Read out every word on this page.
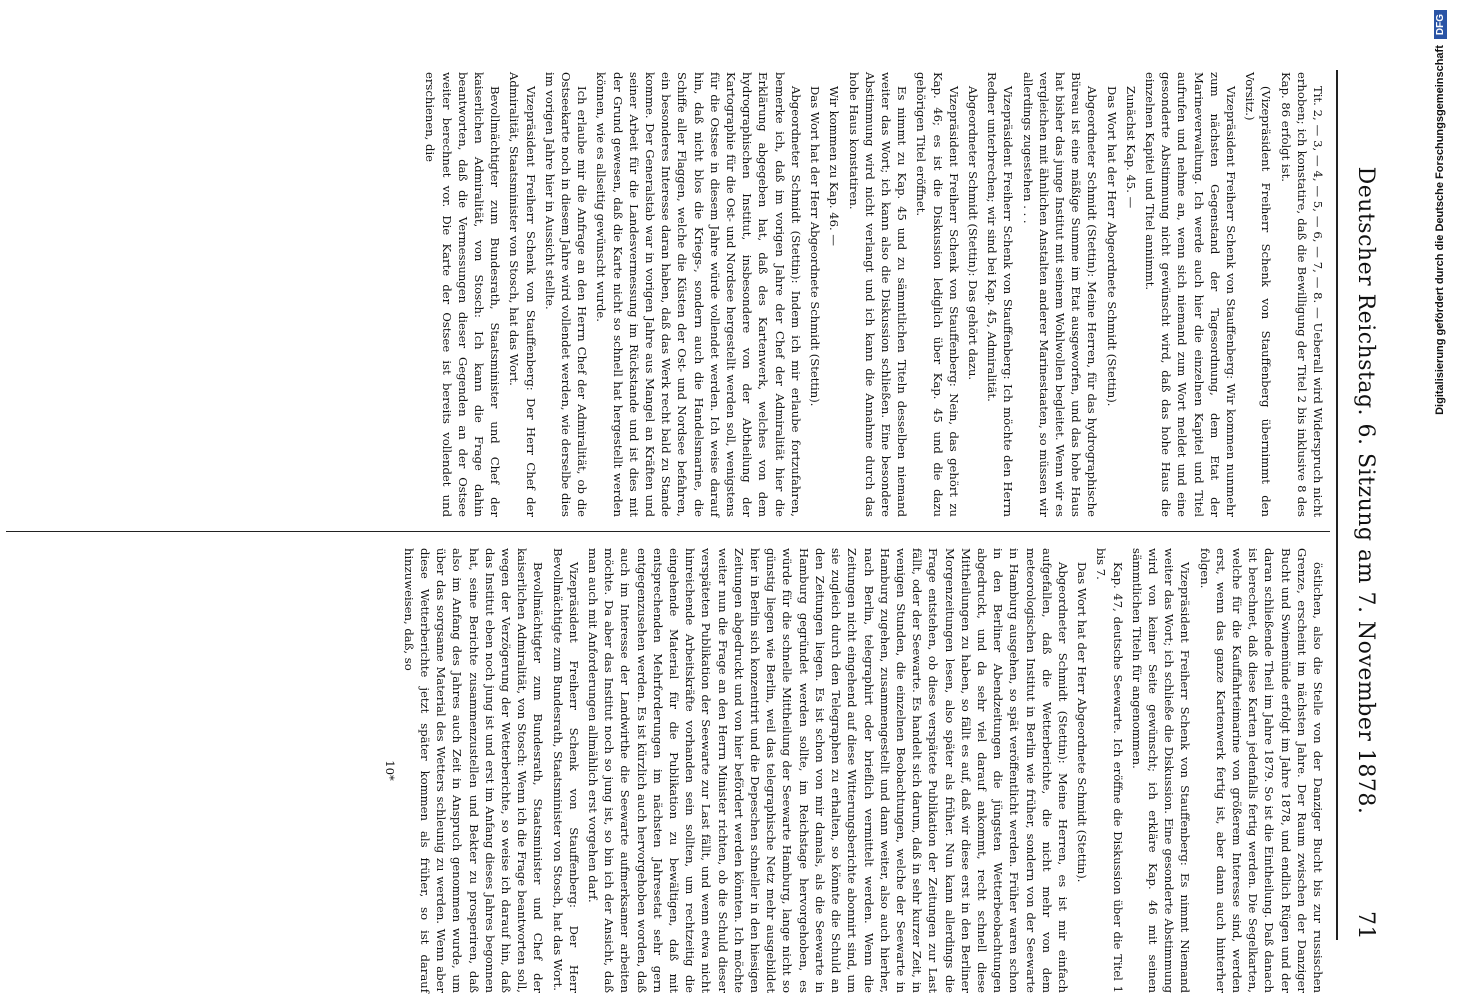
Deutscher Reichstag. 6. Sitzung am 7. November 1878.
71

Tit. 2, — 3, — 4, — 5, — 6, — 7, — 8. — Ueberall wird Widerspruch nicht erhoben; ich konstatire, daß die Bewilligung der Titel 2 bis inklusive 8 des Kap. 86 erfolgt ist.

(Vizepräsident Freiherr Schenk von Stauffenberg übernimmt den Vorsitz.)

Vizepräsident Freiherr Schenk von Stauffenberg: Wir kommen nunmehr zum nächsten Gegenstand der Tagesordnung, dem Etat der Marineverwaltung. Ich werde auch hier die einzelnen Kapitel und Titel aufrufen und nehme an, wenn sich niemand zum Wort meldet und eine gesonderte Abstimmung nicht gewünscht wird, daß das hohe Haus die einzelnen Kapitel und Titel annimmt.

Zunächst Kap. 45. —

Das Wort hat der Herr Abgeordnete Schmidt (Stettin).

Abgeordneter Schmidt (Stettin): Meine Herren, für das hydrographische Büreau ist eine mäßige Summe im Etat ausgeworfen, und das hohe Haus hat bisher das junge Institut mit seinem Wohlwollen begleitet. Wenn wir es vergleichen mit ähnlichen Anstalten anderer Marinestaaten, so müssen wir allerdings zugestehen . . .

Vizepräsident Freiherr Schenk von Stauffenberg: Ich möchte den Herrn Redner unterbrechen; wir sind bei Kap. 45, Admiralität.

Abgeordneter Schmidt (Stettin): Das gehört dazu.

Vizepräsident Freiherr Schenk von Stauffenberg: Nein, das gehört zu Kap. 46; es ist die Diskussion lediglich über Kap. 45 und die dazu gehörigen Titel eröffnet.

Es nimmt zu Kap. 45 und zu sämmtlichen Titeln desselben niemand weiter das Wort; ich kann also die Diskussion schließen. Eine besondere Abstimmung wird nicht verlangt und ich kann die Annahme durch das hohe Haus konstatiren.

Wir kommen zu Kap. 46. —

Das Wort hat der Herr Abgeordnete Schmidt (Stettin).

Abgeordneter Schmidt (Stettin): Indem ich mir erlaube fortzufahren, bemerke ich, daß im vorigen Jahre der Chef der Admiralität hier die Erklärung abgegeben hat, daß des Kartenwerk, welches von dem hydrographischen Institut, insbesondere von der Abtheilung der Kartographie für die Ost- und Nordsee hergestellt werden soll, wenigstens für die Ostsee in diesem Jahre würde vollendet werden. Ich weise darauf hin, daß nicht blos die Kriegs-, sondern auch die Handelsmarine, die Schiffe aller Flaggen, welche die Küsten der Ost- und Nordsee befahren, ein besonderes Interesse daran haben, daß das Werk recht bald zu Stande komme. Der Generalstab war in vorigen Jahre aus Mangel an Kräften und seiner Arbeit für die Landesvermessung im Rückstande und ist dies mit der Grund gewesen, daß die Karte nicht so schnell hat hergestellt werden können, wie es allseitig gewünscht wurde.

Ich erlaube mir die Anfrage an den Herrn Chef der Admiralität, ob die Ostseekarte noch in diesem Jahre wird vollendet werden, wie derselbe dies im vorigen Jahre hier in Aussicht stellte.

Vizepräsident Freiherr Schenk von Stauffenberg: Der Herr Chef der Admiralität, Staatsminister von Stosch, hat das Wort.

Bevollmächtigter zum Bundesrath, Staatsminister und Chef der kaiserlichen Admiralität, von Stosch: Ich kann die Frage dahin beantworten, daß die Vermessungen dieser Gegenden an der Ostsee weiter berechnet vor. Die Karte der Ostsee ist bereits vollendet und erschienen, die

östlichen, also die Stelle von der Danziger Bucht bis zur russischen Grenze, erscheint im nächsten Jahre. Der Raum zwischen der Danziger Bucht und Swinemünde erfolgt im Jahre 1878, und endlich Rügen und der daran schließende Theil im Jahre 1879. So ist die Eintheilung. Daß danach ist berechnet, daß diese Karten jedenfalls fertig werden. Die Segelkarten, welche für die Kauffahrteimarine von größerem Interesse sind, werden erst, wenn das ganze Kartenwerk fertig ist, aber dann auch hinterher folgen.

Vizepräsident Freiherr Schenk von Stauffenberg: Es nimmt Niemand weiter das Wort; ich schließe die Diskussion. Eine gesonderte Abstimmung wird von keiner Seite gewünscht; ich erkläre Kap. 46 mit seinen sämmtlichen Titeln für angenommen.

Kap. 47, deutsche Seewarte. Ich eröffne die Diskussion über die Titel 1 bis 7.

Das Wort hat der Herr Abgeordnete Schmidt (Stettin).

Abgeordneter Schmidt (Stettin): Meine Herren, es ist mir einfach aufgefallen, daß die Wetterberichte, die nicht mehr von dem meteorologischen Institut in Berlin wie früher, sondern von der Seewarte in Hamburg ausgehen, so spät veröffentlicht werden. Früher waren schon in den Berliner Abendzeitungen die jüngsten Wetterbeobachtungen abgedruckt, und da sehr viel darauf ankommt, recht schnell diese Mittheilungen zu haben, so fällt es auf, daß wir diese erst in den Berliner Morgenzeitungen lesen, also später als früher. Nun kann allerdings die Frage entstehen, ob diese verspätete Publikation der Zeitungen zur Last fällt, oder der Seewarte. Es handelt sich darum, daß in sehr kurzer Zeit, in wenigen Stunden, die einzelnen Beobachtungen, welche der Seewarte in Hamburg zugehen, zusammengestellt und dann weiter, also auch hierher, nach Berlin, telegraphirt oder brieflich vermittelt werden. Wenn die Zeitungen nicht eingehend auf diese Witterungsberichte abonnirt sind, um sie zugleich durch den Telegraphen zu erhalten, so könnte die Schuld an den Zeitungen liegen. Es ist schon von mir damals, als die Seewarte in Hamburg gegründet werden sollte, im Reichstage hervorgehoben, es würde für die schnelle Mittheilung der Seewarte Hamburg, lange nicht so günstig liegen wie Berlin, weil das telegraphische Netz mehr ausgebildet hier in Berlin sich konzentrirt und die Depeschen schneller in den hiesigen Zeitungen abgedruckt und von hier befördert werden könnten. Ich möchte weiter nun die Frage an den Herrn Minister richten, ob die Schuld dieser verspäteten Publikation der Seewarte zur Last fällt, und wenn etwa nicht hinreichende Arbeitskräfte vorhanden sein sollten, um rechtzeitig die eingehende Material für die Publikation zu bewältigen, daß mit entsprechenden Mehrforderungen im nächsten Jahresetat sehr gern entgegenzusehen werden. Es ist kürzlich auch hervorgehoben worden, daß auch im Interesse der Landwirthe die Seewarte aufmerksamer arbeiten möchte. Da aber das Institut noch so jung ist, so bin ich der Ansicht, daß man auch mit Anforderungen allmählich erst vorgehen darf.

Vizepräsident Freiherr Schenk von Stauffenberg: Der Herr Bevollmächtigte zum Bundesrath, Staatsminister von Stosch, hat das Wort.

Bevollmächtigter zum Bundesrath, Staatsminister und Chef der kaiserlichen Admiralität, von Stosch: Wenn ich die Frage beantworten soll, wegen der Verzögerung der Wetterberichte, so weise ich darauf hin, daß das Institut eben noch jung ist und erst im Anfang dieses Jahres begonnen hat, seine Berichte zusammenzustellen und Bekter zu prosperiren, daß also im Anfang des Jahres auch Zeit in Anspruch genommen wurde, um über das sorgsame Material des Wetters schleunig zu werden. Wenn aber diese Wetterberichte jetzt später kommen als früher, so ist darauf hinzuweisen, daß, so

10*

Digitalisierung gefördert durch die Deutsche Forschungsgemeinschaft
DFG
